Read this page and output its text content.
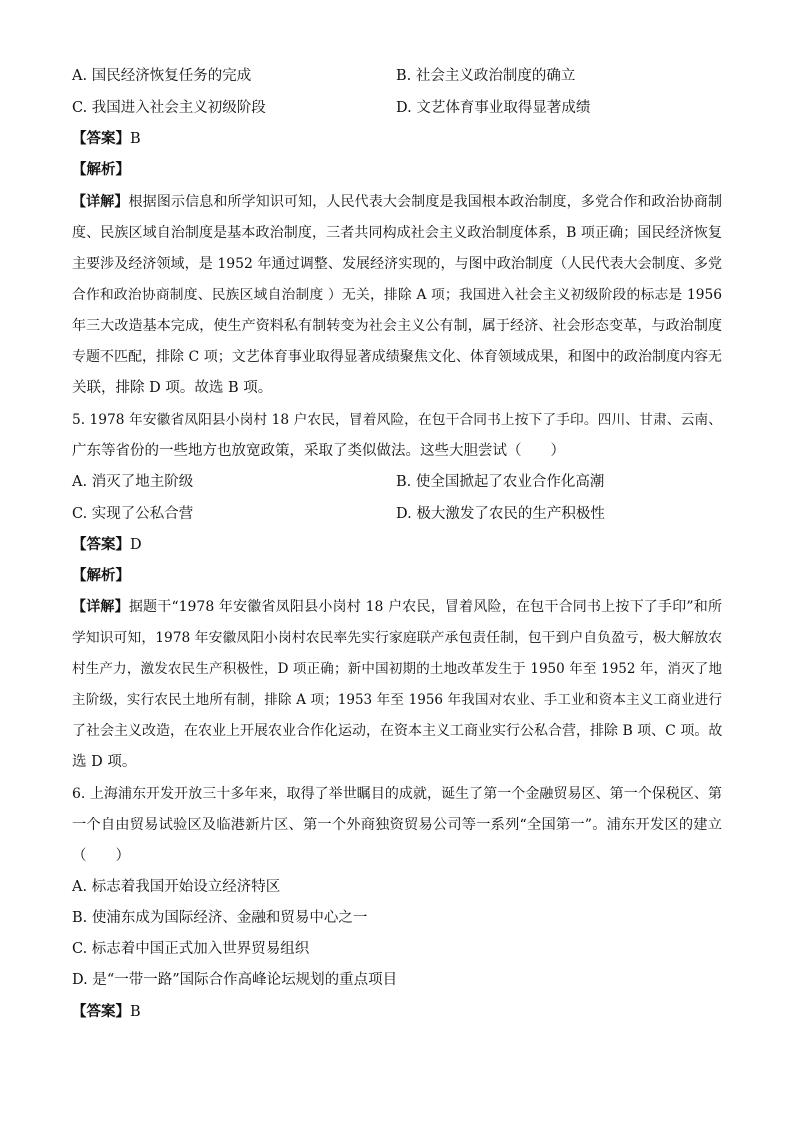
A. 国民经济恢复任务的完成	B. 社会主义政治制度的确立
C. 我国进入社会主义初级阶段	D. 文艺体育事业取得显著成绩
【答案】B
【解析】
【详解】根据图示信息和所学知识可知，人民代表大会制度是我国根本政治制度，多党合作和政治协商制
度、民族区域自治制度是基本政治制度，三者共同构成社会主义政治制度体系，B 项正确；国民经济恢复
主要涉及经济领域，是 1952 年通过调整、发展经济实现的，与图中政治制度（人民代表大会制度、多党
合作和政治协商制度、民族区域自治制度 ）无关，排除 A 项；我国进入社会主义初级阶段的标志是 1956
年三大改造基本完成，使生产资料私有制转变为社会主义公有制，属于经济、社会形态变革，与政治制度
专题不匹配，排除 C 项；文艺体育事业取得显著成绩聚焦文化、体育领域成果，和图中的政治制度内容无
关联，排除 D 项。故选 B 项。
5. 1978 年安徽省凤阳县小岗村 18 户农民，冒着风险，在包干合同书上按下了手印。四川、甘肃、云南、
广东等省份的一些地方也放宽政策，采取了类似做法。这些大胆尝试（　　）
A. 消灭了地主阶级	B. 使全国掀起了农业合作化高潮
C. 实现了公私合营	D. 极大激发了农民的生产积极性
【答案】D
【解析】
【详解】据题干“1978 年安徽省凤阳县小岗村 18 户农民，冒着风险，在包干合同书上按下了手印”和所
学知识可知，1978 年安徽凤阳小岗村农民率先实行家庭联产承包责任制，包干到户自负盈亏，极大解放农
村生产力，激发农民生产积极性，D 项正确；新中国初期的土地改革发生于 1950 年至 1952 年，消灭了地
主阶级，实行农民土地所有制，排除 A 项；1953 年至 1956 年我国对农业、手工业和资本主义工商业进行
了社会主义改造，在农业上开展农业合作化运动，在资本主义工商业实行公私合营，排除 B 项、C 项。故
选 D 项。
6. 上海浦东开发开放三十多年来，取得了举世瞩目的成就，诞生了第一个金融贸易区、第一个保税区、第
一个自由贸易试验区及临港新片区、第一个外商独资贸易公司等一系列“全国第一”。浦东开发区的建立
（　　）
A. 标志着我国开始设立经济特区
B. 使浦东成为国际经济、金融和贸易中心之一
C. 标志着中国正式加入世界贸易组织
D. 是“一带一路”国际合作高峰论坛规划的重点项目
【答案】B
